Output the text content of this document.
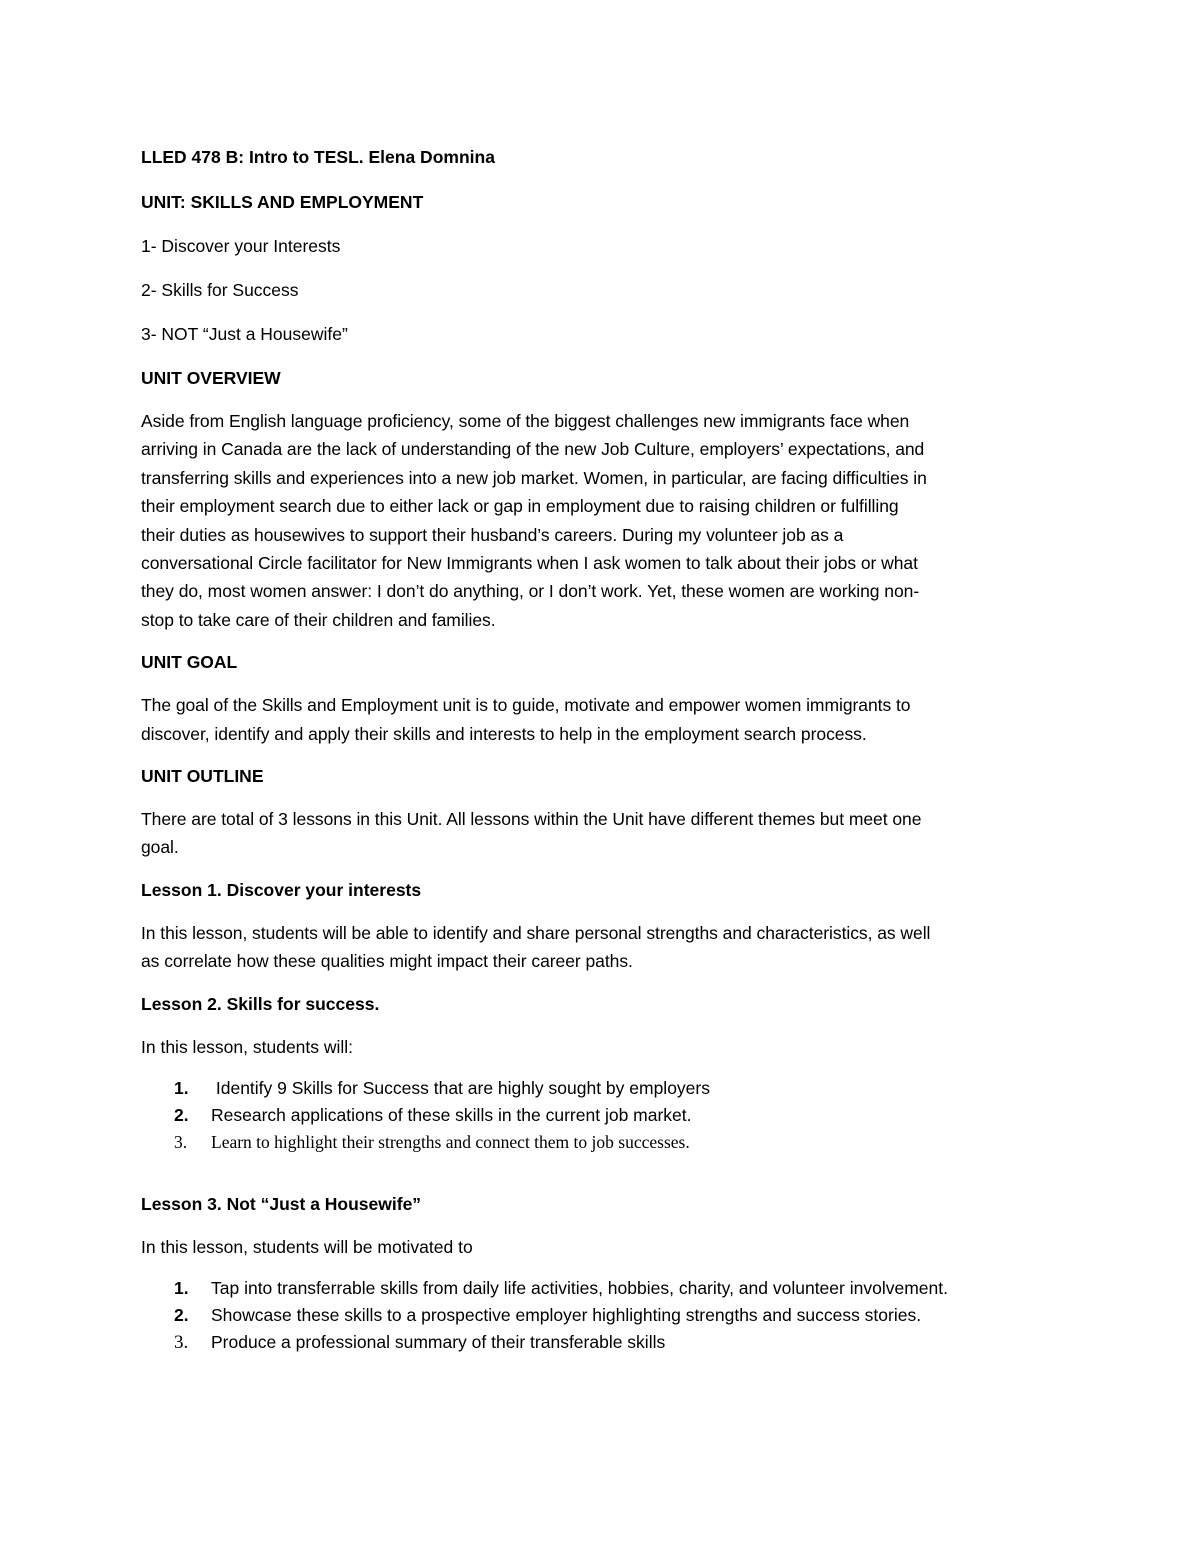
LLED 478 B: Intro to TESL. Elena Domnina

UNIT: SKILLS AND EMPLOYMENT

1- Discover your Interests

2- Skills for Success

3- NOT “Just a Housewife”

UNIT OVERVIEW

Aside from English language proficiency, some of the biggest challenges new immigrants face when
arriving in Canada are the lack of understanding of the new Job Culture, employers’ expectations, and
transferring skills and experiences into a new job market. Women, in particular, are facing difficulties in
their employment search due to either lack or gap in employment due to raising children or fulfilling
their duties as housewives to support their husband’s careers. During my volunteer job as a
conversational Circle facilitator for New Immigrants when I ask women to talk about their jobs or what
they do, most women answer: I don’t do anything, or I don’t work. Yet, these women are working non-
stop to take care of their children and families.

UNIT GOAL

The goal of the Skills and Employment unit is to guide, motivate and empower women immigrants to
discover, identify and apply their skills and interests to help in the employment search process.

UNIT OUTLINE

There are total of 3 lessons in this Unit. All lessons within the Unit have different themes but meet one
goal.

Lesson 1. Discover your interests

In this lesson, students will be able to identify and share personal strengths and characteristics, as well
as correlate how these qualities might impact their career paths.

Lesson 2. Skills for success.

In this lesson, students will:

1. Identify 9 Skills for Success that are highly sought by employers
2. Research applications of these skills in the current job market.
3. Learn to highlight their strengths and connect them to job successes.

Lesson 3. Not “Just a Housewife”

In this lesson, students will be motivated to

1. Tap into transferrable skills from daily life activities, hobbies, charity, and volunteer involvement.
2. Showcase these skills to a prospective employer highlighting strengths and success stories.
3. Produce a professional summary of their transferable skills
